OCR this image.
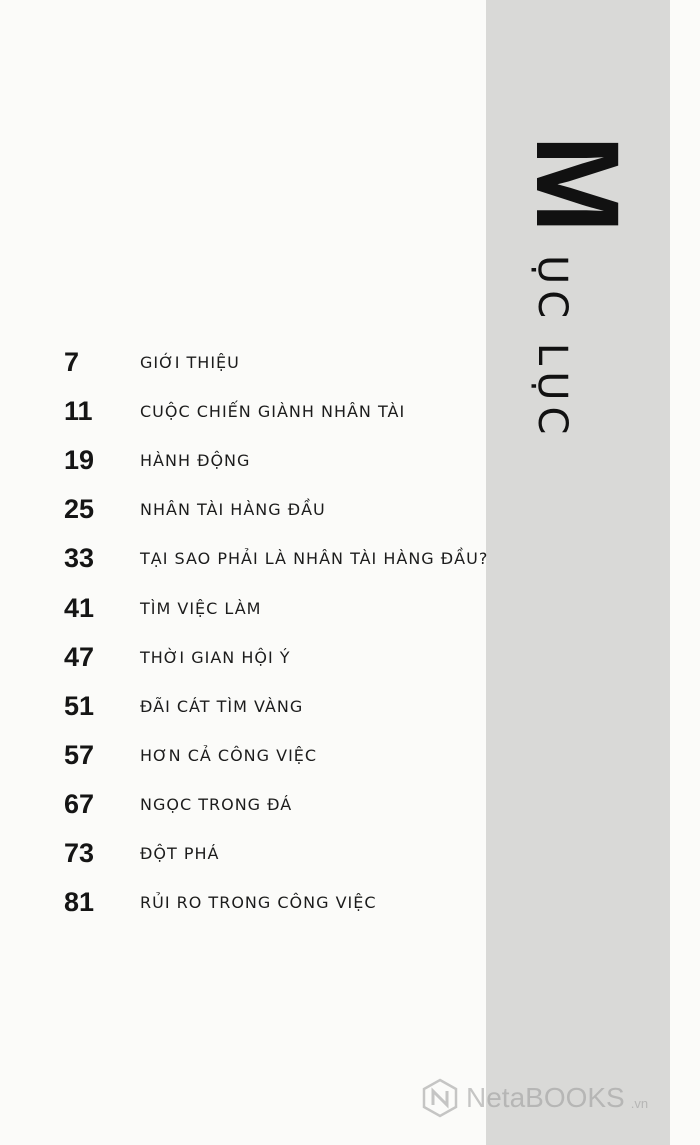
M
ỤC LỤC
7	GIỚI THIỆU
11	CUỘC CHIẾN GIÀNH NHÂN TÀI
19	HÀNH ĐỘNG
25	NHÂN TÀI HÀNG ĐẦU
33	TẠI SAO PHẢI LÀ NHÂN TÀI HÀNG ĐẦU?
41	TÌM VIỆC LÀM
47	THỜI GIAN HỘI Ý
51	ĐÃI CÁT TÌM VÀNG
57	HƠN CẢ CÔNG VIỆC
67	NGỌC TRONG ĐÁ
73	ĐỘT PHÁ
81	RỦI RO TRONG CÔNG VIỆC
NetaBOOKS .vn
